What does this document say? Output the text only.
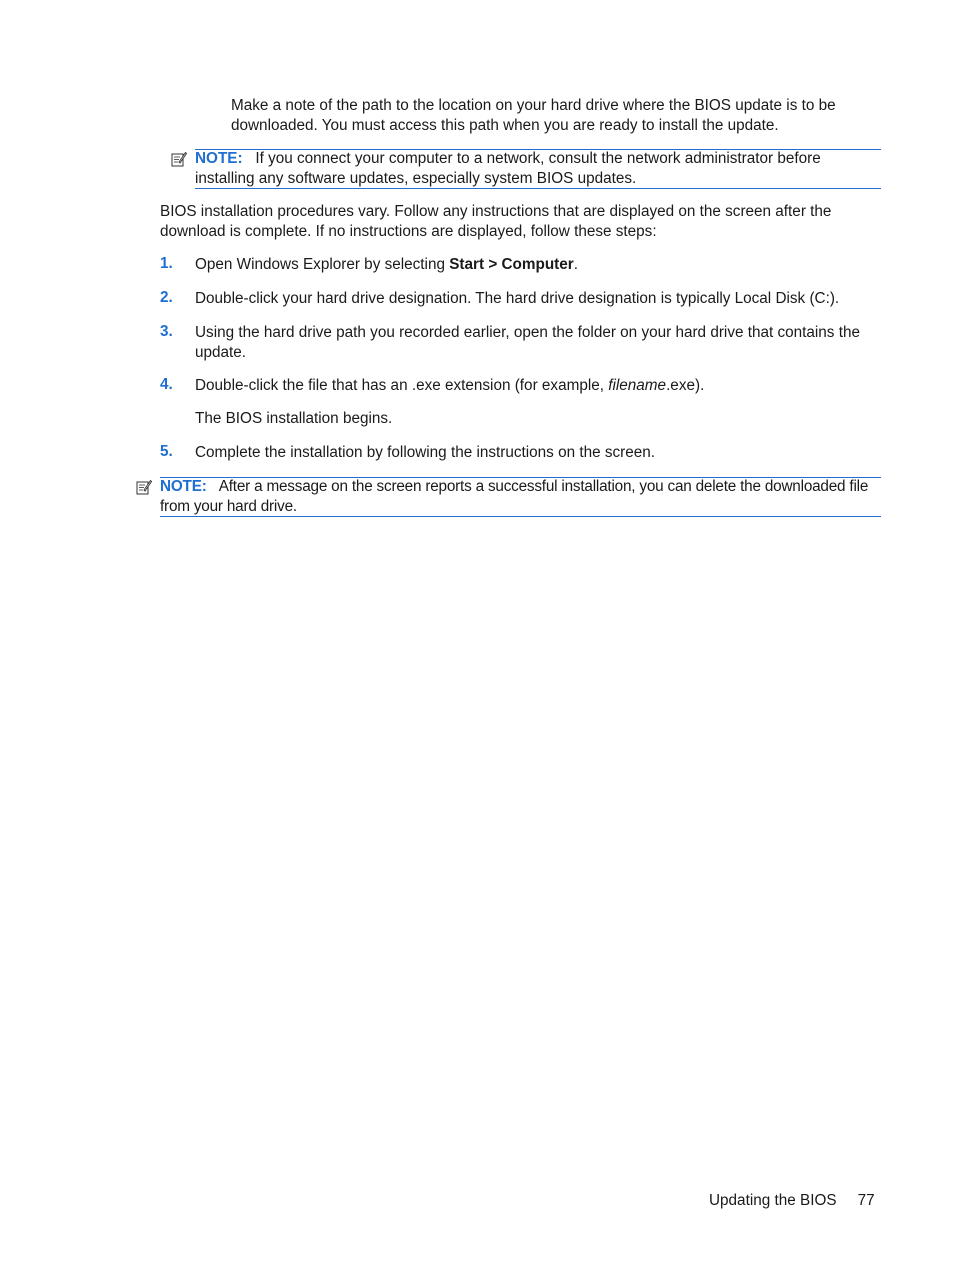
Make a note of the path to the location on your hard drive where the BIOS update is to be downloaded. You must access this path when you are ready to install the update.

NOTE: If you connect your computer to a network, consult the network administrator before installing any software updates, especially system BIOS updates.

BIOS installation procedures vary. Follow any instructions that are displayed on the screen after the download is complete. If no instructions are displayed, follow these steps:

1. Open Windows Explorer by selecting Start > Computer.
2. Double-click your hard drive designation. The hard drive designation is typically Local Disk (C:).
3. Using the hard drive path you recorded earlier, open the folder on your hard drive that contains the update.
4. Double-click the file that has an .exe extension (for example, filename.exe).
The BIOS installation begins.
5. Complete the installation by following the instructions on the screen.

NOTE: After a message on the screen reports a successful installation, you can delete the downloaded file from your hard drive.

Updating the BIOS 77
